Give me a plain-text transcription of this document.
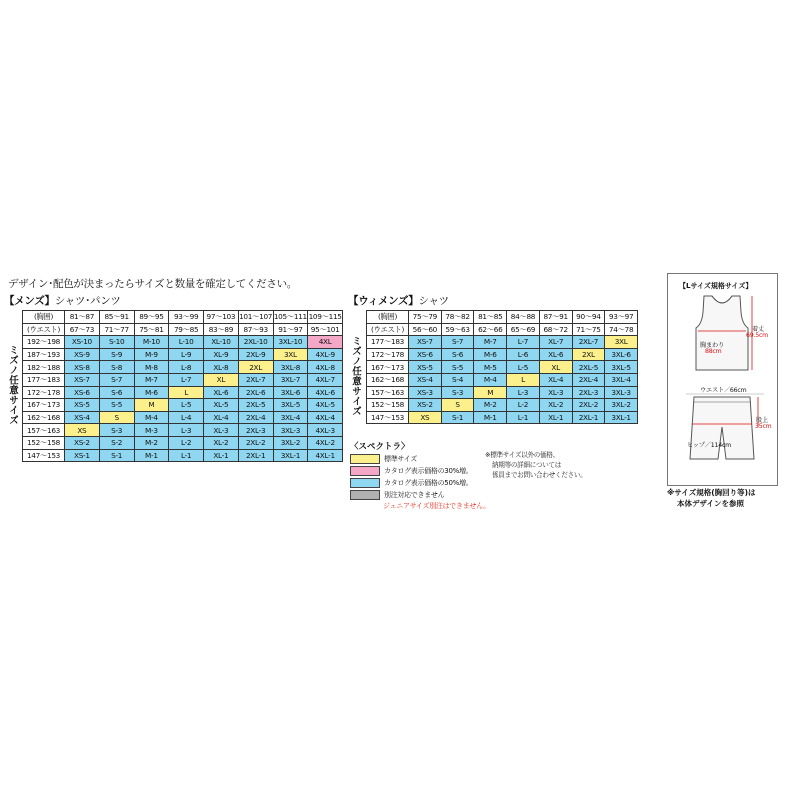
デザイン･配色が決まったらサイズと数量を確定してください。
【メンズ】シャツ･パンツ	【ウィメンズ】シャツ
ミズノ任意サイズ	ミズノ任意サイズ
(胸囲)	81～87	85～91	89～95	93～99	97～103	101～107	105～111	109～115
(ウエスト)	67～73	71～77	75～81	79～85	83～89	87～93	91～97	95～101
192～198	XS-10	S-10	M-10	L-10	XL-10	2XL-10	3XL-10	4XL
187～193	XS-9	S-9	M-9	L-9	XL-9	2XL-9	3XL	4XL-9
182～188	XS-8	S-8	M-8	L-8	XL-8	2XL	3XL-8	4XL-8
177～183	XS-7	S-7	M-7	L-7	XL	2XL-7	3XL-7	4XL-7
172～178	XS-6	S-6	M-6	L	XL-6	2XL-6	3XL-6	4XL-6
167～173	XS-5	S-5	M	L-5	XL-5	2XL-5	3XL-5	4XL-5
162～168	XS-4	S	M-4	L-4	XL-4	2XL-4	3XL-4	4XL-4
157～163	XS	S-3	M-3	L-3	XL-3	2XL-3	3XL-3	4XL-3
152～158	XS-2	S-2	M-2	L-2	XL-2	2XL-2	3XL-2	4XL-2
147～153	XS-1	S-1	M-1	L-1	XL-1	2XL-1	3XL-1	4XL-1
(胸囲)	75～79	78～82	81～85	84～88	87～91	90～94	93～97
(ウエスト)	56～60	59～63	62～66	65～69	68～72	71～75	74～78
177～183	XS-7	S-7	M-7	L-7	XL-7	2XL-7	3XL
172～178	XS-6	S-6	M-6	L-6	XL-6	2XL	3XL-6
167～173	XS-5	S-5	M-5	L-5	XL	2XL-5	3XL-5
162～168	XS-4	S-4	M-4	L	XL-4	2XL-4	3XL-4
157～163	XS-3	S-3	M	L-3	XL-3	2XL-3	3XL-3
152～158	XS-2	S	M-2	L-2	XL-2	2XL-2	3XL-2
147～153	XS	S-1	M-1	L-1	XL-1	2XL-1	3XL-1
〈スペクトラ〉
標準サイズ
カタログ表示価格の30%増。
カタログ表示価格の50%増。
別注対応できません
ジュニアサイズ別注はできません。
※標準サイズ以外の価格、
納期等の詳細については
係員までお問い合わせください。
【Lサイズ規格サイズ】
着丈
69.5cm
胸まわり
88cm
ウエスト／66cm
股上
35cm
ヒップ／114cm
※サイズ規格(胸回り等)は
本体デザインを参照
